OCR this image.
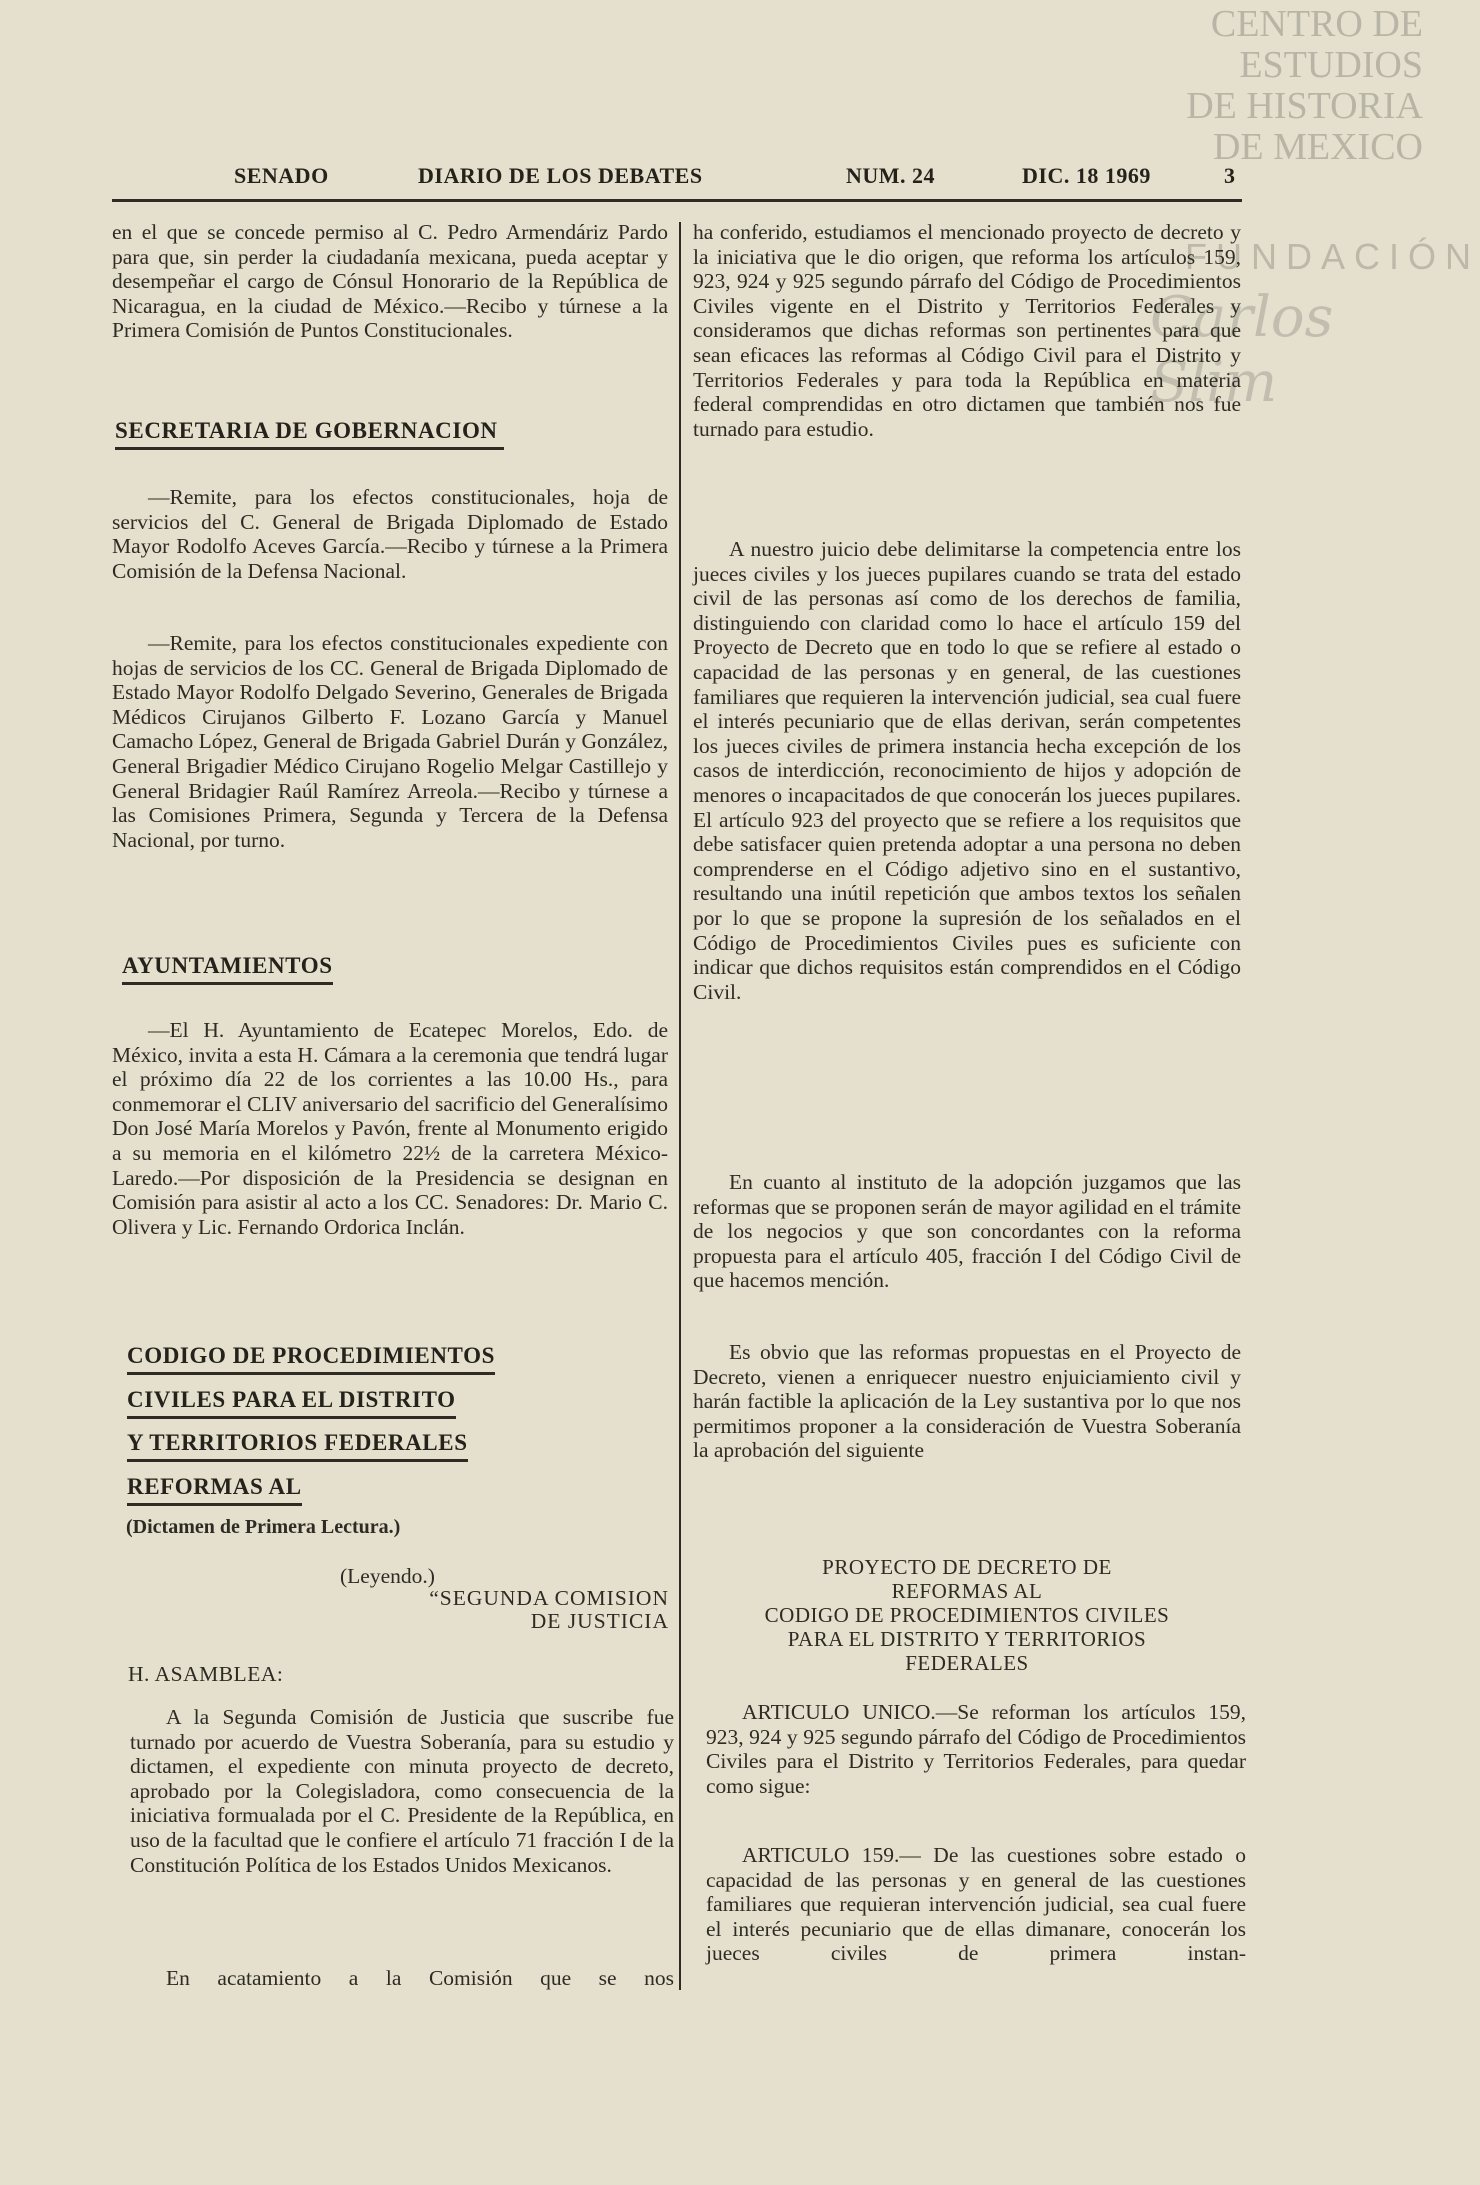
CENTRO DE
ESTUDIOS
DE HISTORIA
DE MEXICO
FUNDACIÓN
Carlos Slim
SENADO	DIARIO DE LOS DEBATES	NUM. 24	DIC. 18 1969	3

en el que se concede permiso al C. Pedro Armendáriz Pardo para que, sin perder la ciudadanía mexicana, pueda aceptar y desempeñar el cargo de Cónsul Honorario de la República de Nicaragua, en la ciudad de México.—Recibo y túrnese a la Primera Comisión de Puntos Constitucionales.

SECRETARIA DE GOBERNACION

—Remite, para los efectos constitucionales, hoja de servicios del C. General de Brigada Diplomado de Estado Mayor Rodolfo Aceves García.—Recibo y túrnese a la Primera Comisión de la Defensa Nacional.

—Remite, para los efectos constitucionales expediente con hojas de servicios de los CC. General de Brigada Diplomado de Estado Mayor Rodolfo Delgado Severino, Generales de Brigada Médicos Cirujanos Gilberto F. Lozano García y Manuel Camacho López, General de Brigada Gabriel Durán y González, General Brigadier Médico Cirujano Rogelio Melgar Castillejo y General Bridagier Raúl Ramírez Arreola.—Recibo y túrnese a las Comisiones Primera, Segunda y Tercera de la Defensa Nacional, por turno.

AYUNTAMIENTOS

—El H. Ayuntamiento de Ecatepec Morelos, Edo. de México, invita a esta H. Cámara a la ceremonia que tendrá lugar el próximo día 22 de los corrientes a las 10.00 Hs., para conmemorar el CLIV aniversario del sacrificio del Generalísimo Don José María Morelos y Pavón, frente al Monumento erigido a su memoria en el kilómetro 22½ de la carretera México-Laredo.—Por disposición de la Presidencia se designan en Comisión para asistir al acto a los CC. Senadores: Dr. Mario C. Olivera y Lic. Fernando Ordorica Inclán.

CODIGO DE PROCEDIMIENTOS
CIVILES PARA EL DISTRITO
Y TERRITORIOS FEDERALES
REFORMAS AL
(Dictamen de Primera Lectura.)
(Leyendo.)
“SEGUNDA COMISION
DE JUSTICIA
H. ASAMBLEA:

A la Segunda Comisión de Justicia que suscribe fue turnado por acuerdo de Vuestra Soberanía, para su estudio y dictamen, el expediente con minuta proyecto de decreto, aprobado por la Colegisladora, como consecuencia de la iniciativa formualada por el C. Presidente de la República, en uso de la facultad que le confiere el artículo 71 fracción I de la Constitución Política de los Estados Unidos Mexicanos.

En acatamiento a la Comisión que se nos

ha conferido, estudiamos el mencionado proyecto de decreto y la iniciativa que le dio origen, que reforma los artículos 159, 923, 924 y 925 segundo párrafo del Código de Procedimientos Civiles vigente en el Distrito y Territorios Federales y consideramos que dichas reformas son pertinentes para que sean eficaces las reformas al Código Civil para el Distrito y Territorios Federales y para toda la República en materia federal comprendidas en otro dictamen que también nos fue turnado para estudio.

A nuestro juicio debe delimitarse la competencia entre los jueces civiles y los jueces pupilares cuando se trata del estado civil de las personas así como de los derechos de familia, distinguiendo con claridad como lo hace el artículo 159 del Proyecto de Decreto que en todo lo que se refiere al estado o capacidad de las personas y en general, de las cuestiones familiares que requieren la intervención judicial, sea cual fuere el interés pecuniario que de ellas derivan, serán competentes los jueces civiles de primera instancia hecha excepción de los casos de interdicción, reconocimiento de hijos y adopción de menores o incapacitados de que conocerán los jueces pupilares. El artículo 923 del proyecto que se refiere a los requisitos que debe satisfacer quien pretenda adoptar a una persona no deben comprenderse en el Código adjetivo sino en el sustantivo, resultando una inútil repetición que ambos textos los señalen por lo que se propone la supresión de los señalados en el Código de Procedimientos Civiles pues es suficiente con indicar que dichos requisitos están comprendidos en el Código Civil.

En cuanto al instituto de la adopción juzgamos que las reformas que se proponen serán de mayor agilidad en el trámite de los negocios y que son concordantes con la reforma propuesta para el artículo 405, fracción I del Código Civil de que hacemos mención.

Es obvio que las reformas propuestas en el Proyecto de Decreto, vienen a enriquecer nuestro enjuiciamiento civil y harán factible la aplicación de la Ley sustantiva por lo que nos permitimos proponer a la consideración de Vuestra Soberanía la aprobación del siguiente

PROYECTO DE DECRETO DE
REFORMAS AL
CODIGO DE PROCEDIMIENTOS CIVILES
PARA EL DISTRITO Y TERRITORIOS
FEDERALES

ARTICULO UNICO.—Se reforman los artículos 159, 923, 924 y 925 segundo párrafo del Código de Procedimientos Civiles para el Distrito y Territorios Federales, para quedar como sigue:

ARTICULO 159.— De las cuestiones sobre estado o capacidad de las personas y en general de las cuestiones familiares que requieran intervención judicial, sea cual fuere el interés pecuniario que de ellas dimanare, conocerán los jueces civiles de primera instan-
